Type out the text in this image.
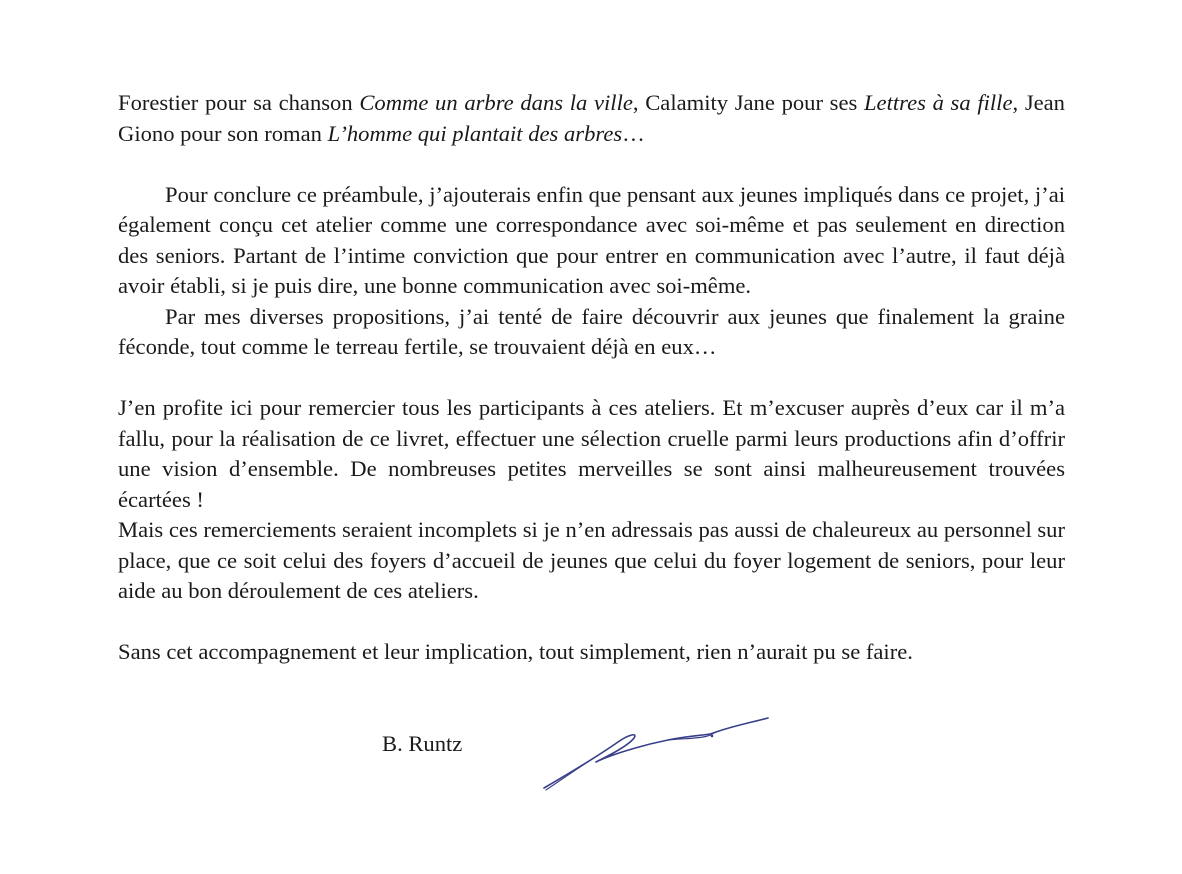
Forestier pour sa chanson Comme un arbre dans la ville, Calamity Jane pour ses Lettres à sa fille, Jean Giono pour son roman L’homme qui plantait des arbres…

Pour conclure ce préambule, j’ajouterais enfin que pensant aux jeunes impliqués dans ce projet, j’ai également conçu cet atelier comme une correspondance avec soi-même et pas seulement en direction des seniors. Partant de l’intime conviction que pour entrer en communication avec l’autre, il faut déjà avoir établi, si je puis dire, une bonne communication avec soi-même.

Par mes diverses propositions, j’ai tenté de faire découvrir aux jeunes que finalement la graine féconde, tout comme le terreau fertile, se trouvaient déjà en eux…

J’en profite ici pour remercier tous les participants à ces ateliers. Et m’excuser auprès d’eux car il m’a fallu, pour la réalisation de ce livret, effectuer une sélection cruelle parmi leurs productions afin d’offrir une vision d’ensemble. De nombreuses petites merveilles se sont ainsi malheureusement trouvées écartées !

Mais ces remerciements seraient incomplets si je n’en adressais pas aussi de chaleureux au personnel sur place, que ce soit celui des foyers d’accueil de jeunes que celui du foyer logement de seniors, pour leur aide au bon déroulement de ces ateliers.

Sans cet accompagnement et leur implication, tout simplement, rien n’aurait pu se faire.

B. Runtz
